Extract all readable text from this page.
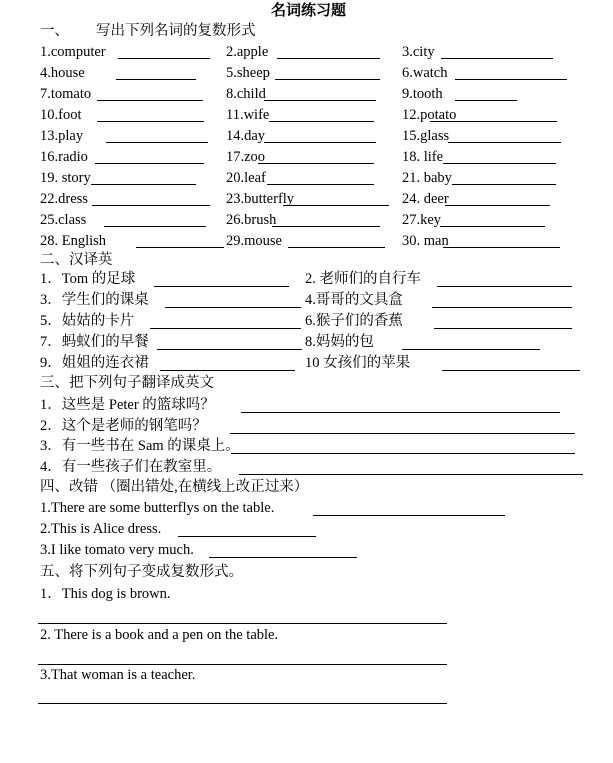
名词练习题
一、 写出下列名词的复数形式
1.computer	2.apple	3.city
4.house	5.sheep	6.watch
7.tomato	8.child	9.tooth
10.foot	11.wife	12.potato
13.play	14.day	15.glass
16.radio	17.zoo	18. life
19. story	20.leaf	21. baby
22.dress	23.butterfly	24. deer
25.class	26.brush	27.key
28. English	29.mouse	30. man
二、汉译英
1．Tom 的足球	2. 老师们的自行车
3．学生们的课桌	4.哥哥的文具盒
5．姑姑的卡片	6.猴子们的香蕉
7．蚂蚁们的早餐	8.妈妈的包
9．姐姐的连衣裙	10 女孩们的苹果
三、把下列句子翻译成英文
1．这些是 Peter 的篮球吗？
2．这个是老师的钢笔吗？
3．有一些书在 Sam 的课桌上。
4．有一些孩子们在教室里。
四、改错 （圈出错处,在横线上改正过来）
1.There are some butterflys on the table.
2.This is Alice dress.
3.I like tomato very much.
五、将下列句子变成复数形式。
1．This dog is brown.
2. There is a book and a pen on the table.
3.That woman is a teacher.
